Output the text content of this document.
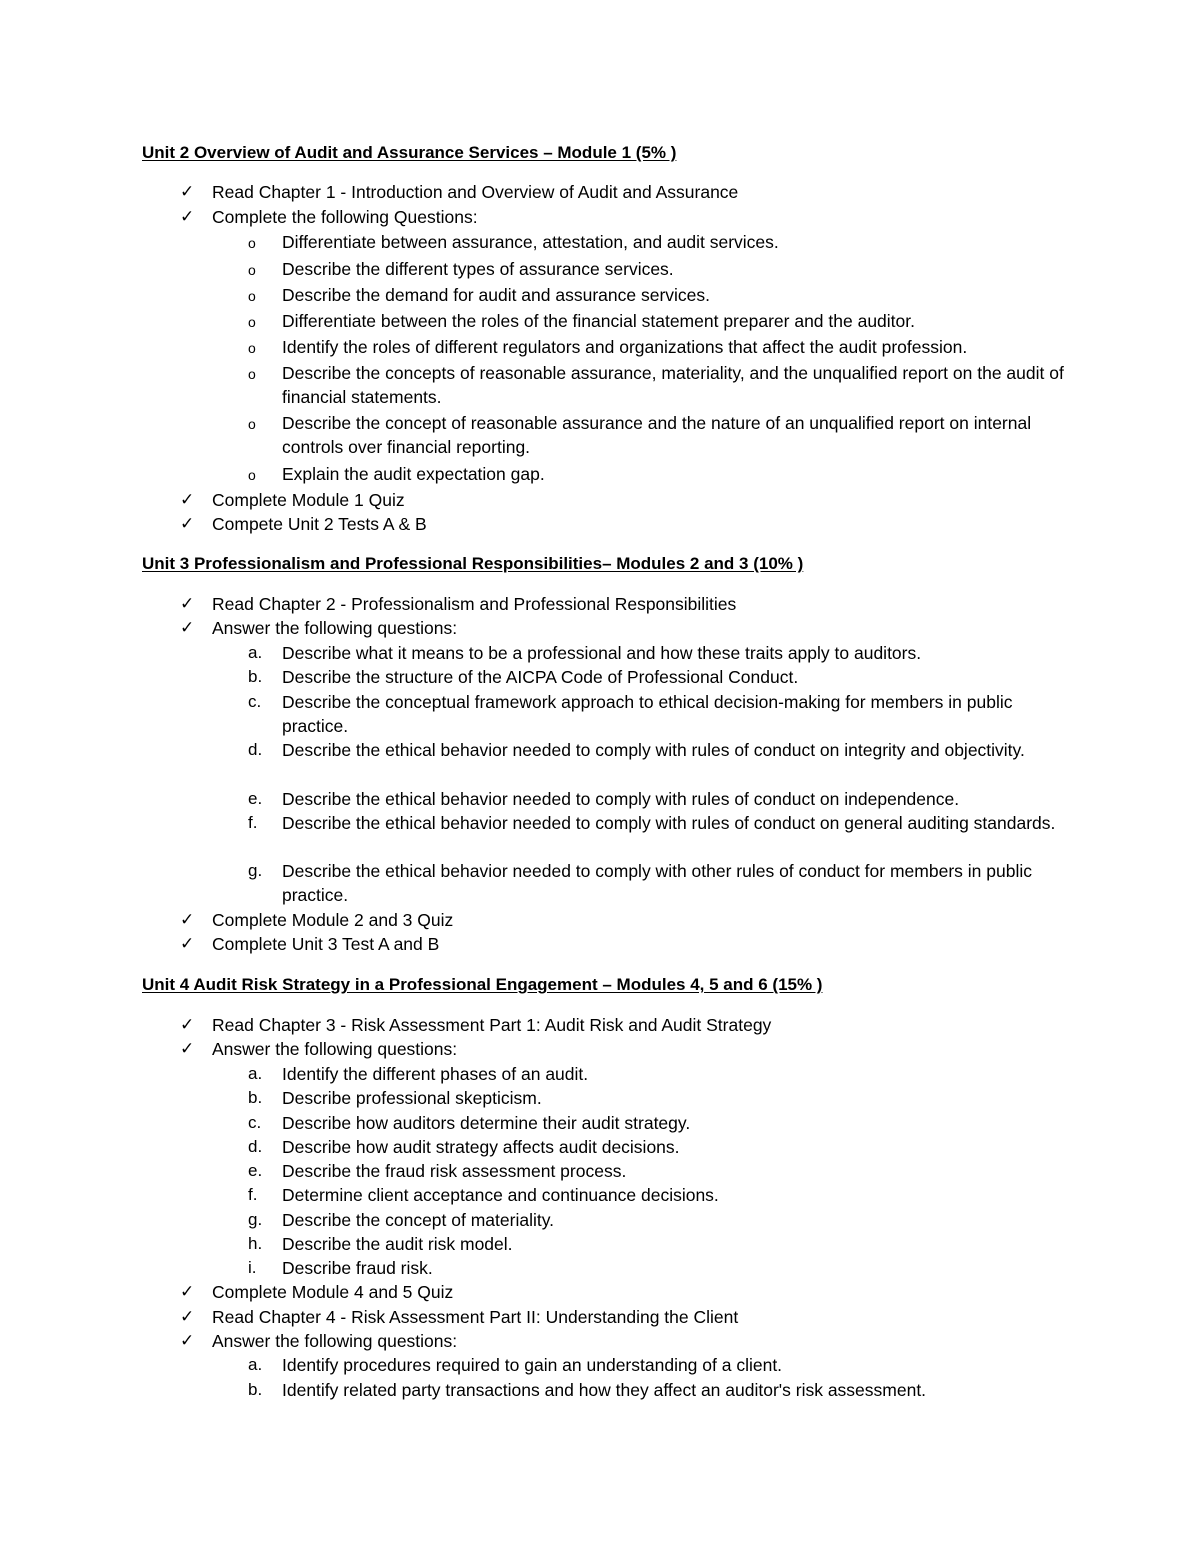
Unit 2 Overview of Audit and Assurance Services – Module 1 (5% )
✓ Read Chapter 1 - Introduction and Overview of Audit and Assurance
✓ Complete the following Questions:
o Differentiate between assurance, attestation, and audit services.
o Describe the different types of assurance services.
o Describe the demand for audit and assurance services.
o Differentiate between the roles of the financial statement preparer and the auditor.
o Identify the roles of different regulators and organizations that affect the audit profession.
o Describe the concepts of reasonable assurance, materiality, and the unqualified report on the audit of financial statements.
o Describe the concept of reasonable assurance and the nature of an unqualified report on internal controls over financial reporting.
o Explain the audit expectation gap.
✓ Complete Module 1 Quiz
✓ Compete Unit 2 Tests A & B
Unit 3 Professionalism and Professional Responsibilities– Modules 2 and 3 (10% )
✓ Read Chapter 2 - Professionalism and Professional Responsibilities
✓ Answer the following questions:
a. Describe what it means to be a professional and how these traits apply to auditors.
b. Describe the structure of the AICPA Code of Professional Conduct.
c. Describe the conceptual framework approach to ethical decision-making for members in public practice.
d. Describe the ethical behavior needed to comply with rules of conduct on integrity and objectivity.
e. Describe the ethical behavior needed to comply with rules of conduct on independence.
f. Describe the ethical behavior needed to comply with rules of conduct on general auditing standards.
g. Describe the ethical behavior needed to comply with other rules of conduct for members in public practice.
✓ Complete Module 2 and 3 Quiz
✓ Complete Unit 3 Test A and B
Unit 4 Audit Risk Strategy in a Professional Engagement – Modules 4, 5 and 6 (15% )
✓ Read Chapter 3 - Risk Assessment Part 1: Audit Risk and Audit Strategy
✓ Answer the following questions:
a. Identify the different phases of an audit.
b. Describe professional skepticism.
c. Describe how auditors determine their audit strategy.
d. Describe how audit strategy affects audit decisions.
e. Describe the fraud risk assessment process.
f. Determine client acceptance and continuance decisions.
g. Describe the concept of materiality.
h. Describe the audit risk model.
i. Describe fraud risk.
✓ Complete Module 4 and 5 Quiz
✓ Read Chapter 4 - Risk Assessment Part II: Understanding the Client
✓ Answer the following questions:
a. Identify procedures required to gain an understanding of a client.
b. Identify related party transactions and how they affect an auditor's risk assessment.
